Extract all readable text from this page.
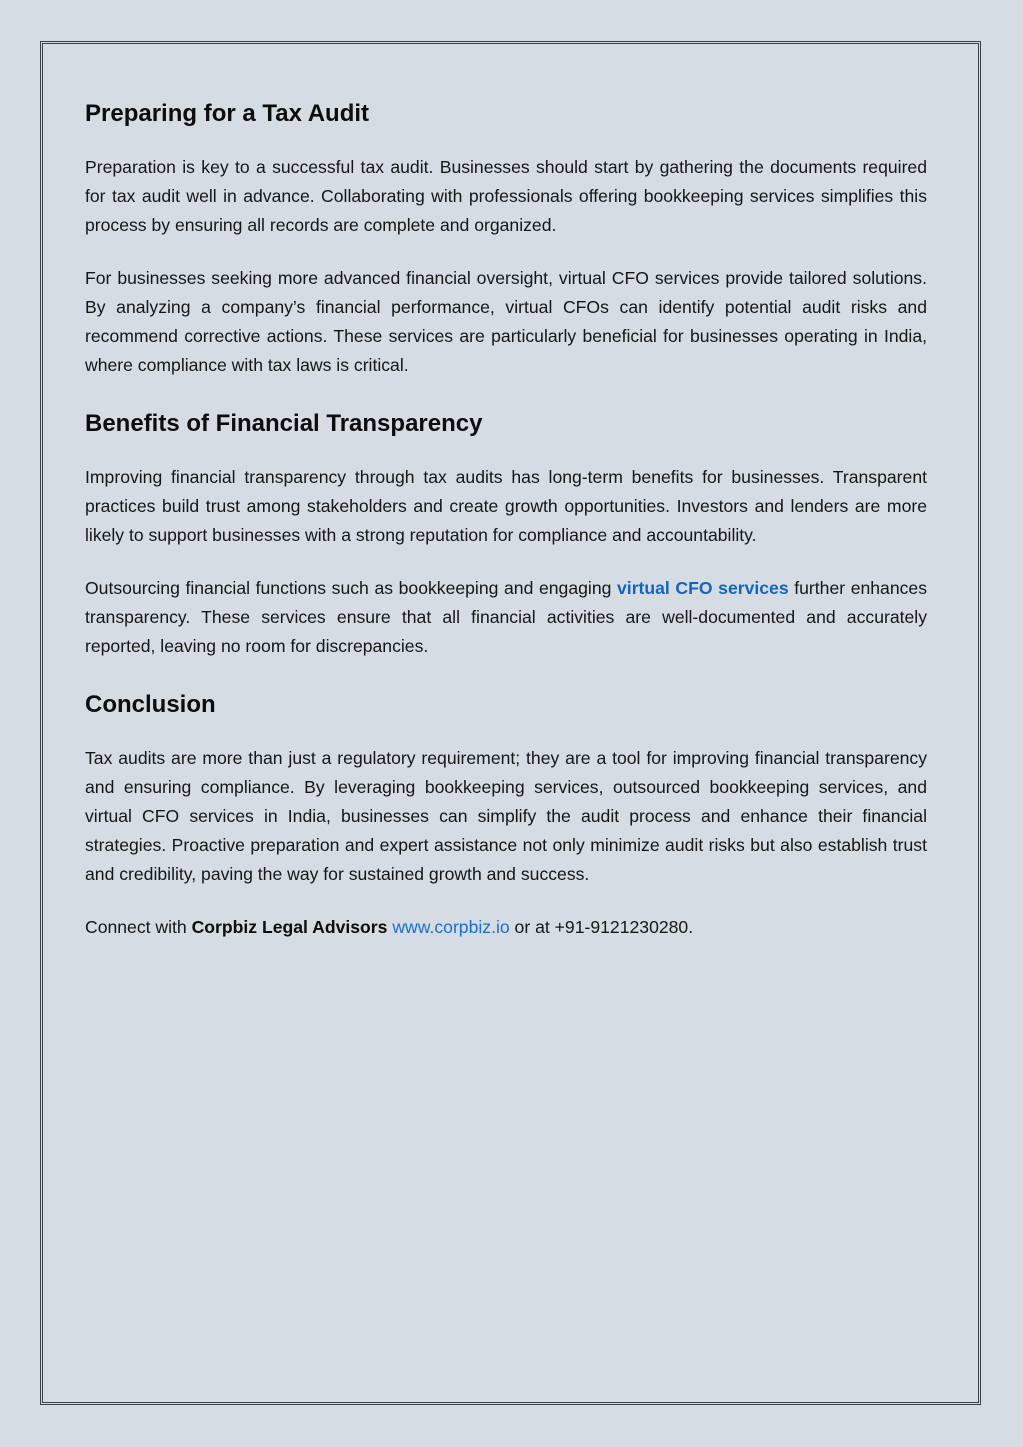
Preparing for a Tax Audit

Preparation is key to a successful tax audit. Businesses should start by gathering the documents required for tax audit well in advance. Collaborating with professionals offering bookkeeping services simplifies this process by ensuring all records are complete and organized.

For businesses seeking more advanced financial oversight, virtual CFO services provide tailored solutions. By analyzing a company’s financial performance, virtual CFOs can identify potential audit risks and recommend corrective actions. These services are particularly beneficial for businesses operating in India, where compliance with tax laws is critical.

Benefits of Financial Transparency

Improving financial transparency through tax audits has long-term benefits for businesses. Transparent practices build trust among stakeholders and create growth opportunities. Investors and lenders are more likely to support businesses with a strong reputation for compliance and accountability.

Outsourcing financial functions such as bookkeeping and engaging virtual CFO services further enhances transparency. These services ensure that all financial activities are well-documented and accurately reported, leaving no room for discrepancies.

Conclusion

Tax audits are more than just a regulatory requirement; they are a tool for improving financial transparency and ensuring compliance. By leveraging bookkeeping services, outsourced bookkeeping services, and virtual CFO services in India, businesses can simplify the audit process and enhance their financial strategies. Proactive preparation and expert assistance not only minimize audit risks but also establish trust and credibility, paving the way for sustained growth and success.

Connect with Corpbiz Legal Advisors www.corpbiz.io or at +91-9121230280.
